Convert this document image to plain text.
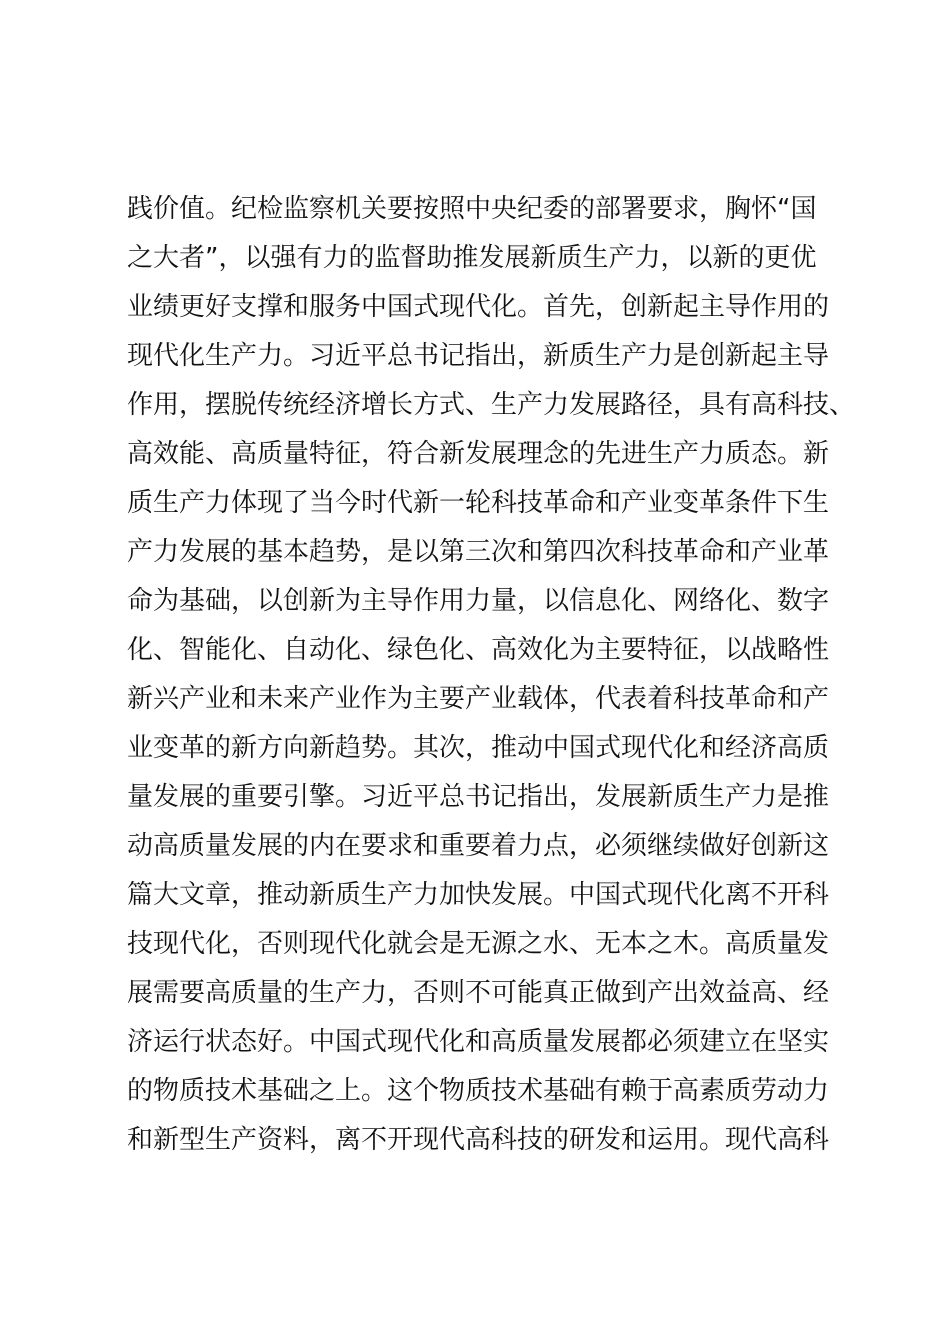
践价值。纪检监察机关要按照中央纪委的部署要求，胸怀“国
之大者”，以强有力的监督助推发展新质生产力，以新的更优
业绩更好支撑和服务中国式现代化。首先，创新起主导作用的
现代化生产力。习近平总书记指出，新质生产力是创新起主导
作用，摆脱传统经济增长方式、生产力发展路径，具有高科技、
高效能、高质量特征，符合新发展理念的先进生产力质态。新
质生产力体现了当今时代新一轮科技革命和产业变革条件下生
产力发展的基本趋势，是以第三次和第四次科技革命和产业革
命为基础，以创新为主导作用力量，以信息化、网络化、数字
化、智能化、自动化、绿色化、高效化为主要特征，以战略性
新兴产业和未来产业作为主要产业载体，代表着科技革命和产
业变革的新方向新趋势。其次，推动中国式现代化和经济高质
量发展的重要引擎。习近平总书记指出，发展新质生产力是推
动高质量发展的内在要求和重要着力点，必须继续做好创新这
篇大文章，推动新质生产力加快发展。中国式现代化离不开科
技现代化，否则现代化就会是无源之水、无本之木。高质量发
展需要高质量的生产力，否则不可能真正做到产出效益高、经
济运行状态好。中国式现代化和高质量发展都必须建立在坚实
的物质技术基础之上。这个物质技术基础有赖于高素质劳动力
和新型生产资料，离不开现代高科技的研发和运用。现代高科
